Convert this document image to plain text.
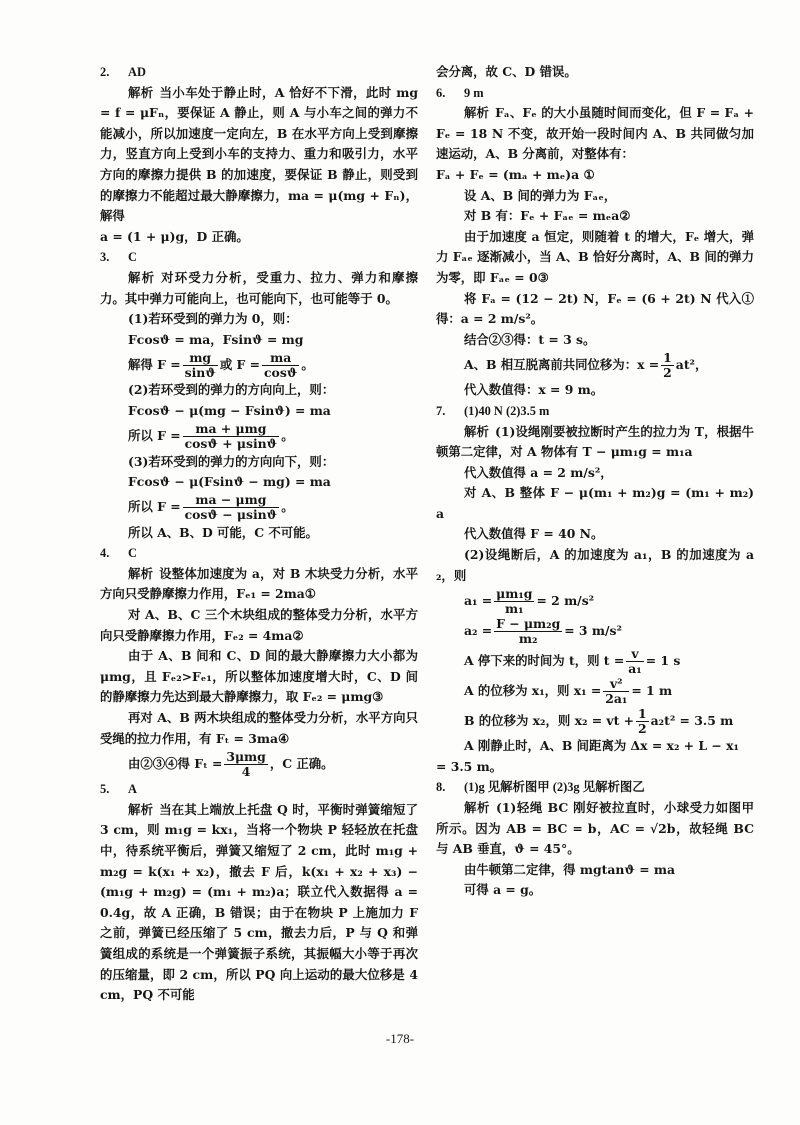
2.	AD

解析 当小车处于静止时，A 恰好不下滑，此时 mg = f = μFₙ，要保证 A 静止，则 A 与小车之间的弹力不能减小，所以加速度一定向左，B 在水平方向上受到摩擦力，竖直方向上受到小车的支持力、重力和吸引力，水平方向的摩擦力提供 B 的加速度，要保证 B 静止，则受到的摩擦力不能超过最大静摩擦力，ma = μ(mg + Fₙ)，解得

a = (1 + μ)g，D 正确。

3.	C

解析 对环受力分析，受重力、拉力、弹力和摩擦力。其中弹力可能向上，也可能向下，也可能等于 0。

(1)若环受到的弹力为 0，则：

Fcosϑ = ma，Fsinϑ = mg

解得 $F = \frac{mg}{\sin ϑ}$ 或 $F = \frac{ma}{\cos ϑ}$ 。

(2)若环受到的弹力的方向向上，则：

Fcosϑ − μ(mg − Fsinϑ) = ma

所以 $F = \frac{\text{ma + μmg}}{\cos ϑ + \mu\sin ϑ}$ 。

(3)若环受到的弹力的方向向下，则：

Fcosϑ − μ(Fsinϑ − mg) = ma

所以 $F = \frac{\text{ma − μmg}}{\cos ϑ - \mu\sin ϑ}$ 。

所以 A、B、D 可能，C 不可能。

4.	C

解析 设整体加速度为 a，对 B 木块受力分析，水平方向只受静摩擦力作用，Fₑ₁ = 2ma①

对 A、B、C 三个木块组成的整体受力分析，水平方向只受静摩擦力作用，Fₑ₂ = 4ma②

由于 A、B 间和 C、D 间的最大静摩擦力大小都为 μmg，且 Fₑ₂>Fₑ₁，所以整体加速度增大时，C、D 间的静摩擦力先达到最大静摩擦力，取 Fₑ₂ = μmg③

再对 A、B 两木块组成的整体受力分析，水平方向只受绳的拉力作用，有 Fₜ = 3ma④

由②③④得 $F_t = \frac{\text{3μmg}}{4}$ ，C 正确。
5.	A

解析 当在其上端放上托盘 Q 时，平衡时弹簧缩短了 3 cm，则 m₁g = kx₁，当将一个物块 P 轻轻放在托盘中，待系统平衡后，弹簧又缩短了 2 cm，此时 m₁g + m₂g = k(x₁ + x₂)，撤去 F 后，k(x₁ + x₂ + x₃) − (m₁g + m₂g) = (m₁ + m₂)a；联立代入数据得 a = 0.4g，故 A 正确，B 错误；由于在物块 P 上施加力 F 之前，弹簧已经压缩了 5 cm，撤去力后，P 与 Q 和弹簧组成的系统是一个弹簧振子系统，其振幅大小等于再次的压缩量，即 2 cm，所以 PQ 向上运动的最大位移是 4 cm，PQ 不可能

会分离，故 C、D 错误。

6.	9 m

解析 Fₐ、Fₑ 的大小虽随时间而变化，但 F = Fₐ + Fₑ = 18 N 不变，故开始一段时间内 A、B 共同做匀加速运动，A、B 分离前，对整体有：

Fₐ + Fₑ = (mₐ + mₑ)a ①

设 A、B 间的弹力为 Fₐₑ，

对 B 有：Fₑ + Fₐₑ = mₑa②

由于加速度 a 恒定，则随着 t 的增大，Fₑ 增大，弹力 Fₐₑ 逐渐减小，当 A、B 恰好分离时，A、B 间的弹力为零，即 Fₐₑ = 0③

将 Fₐ = (12 − 2t) N，Fₑ = (6 + 2t) N 代入①得：a = 2 m/s²。

结合②③得：t = 3 s。

A、B 相互脱离前共同位移为：$x = \frac{1}{2} at^2$，

代入数值得：x = 9 m。

7.	(1)40 N (2)3.5 m

解析 (1)设绳刚要被拉断时产生的拉力为 T，根据牛顿第二定律，对 A 物体有 T − μm₁g = m₁a

代入数值得 a = 2 m/s²，

对 A、B 整体 F − μ(m₁ + m₂)g = (m₁ + m₂)a

代入数值得 F = 40 N。

(2)设绳断后，A 的加速度为 a₁，B 的加速度为 a₂，则

$a_1 = \frac{\text{μm₁g}}{\text{m₁}} = 2$ m/s²
$a_2 = \frac{\text{F − μm₂g}}{\text{m₂}} = 3$ m/s²
A 停下来的时间为 t，则 $t = \frac{v}{\text{a₁}} = 1$ s
A 的位移为 x₁，则 $x_1 = \frac{\text{v²}}{\text{2a₁}} = 1$ m
B 的位移为 x₂，则 x₂ = vt + $\frac{1}{2} a_2t^2 = 3.5$ m

A 刚静止时，A、B 间距离为 Δx = x₂ + L − x₁

= 3.5 m。

8.	(1)g 见解析图甲 (2)3g 见解析图乙

解析 (1)轻绳 BC 刚好被拉直时，小球受力如图甲所示。因为 AB = BC = b，AC = √2b，故轻绳 BC 与 AB 垂直，ϑ = 45°。

由牛顿第二定律，得 mgtanϑ = ma

可得 a = g。

-178-
